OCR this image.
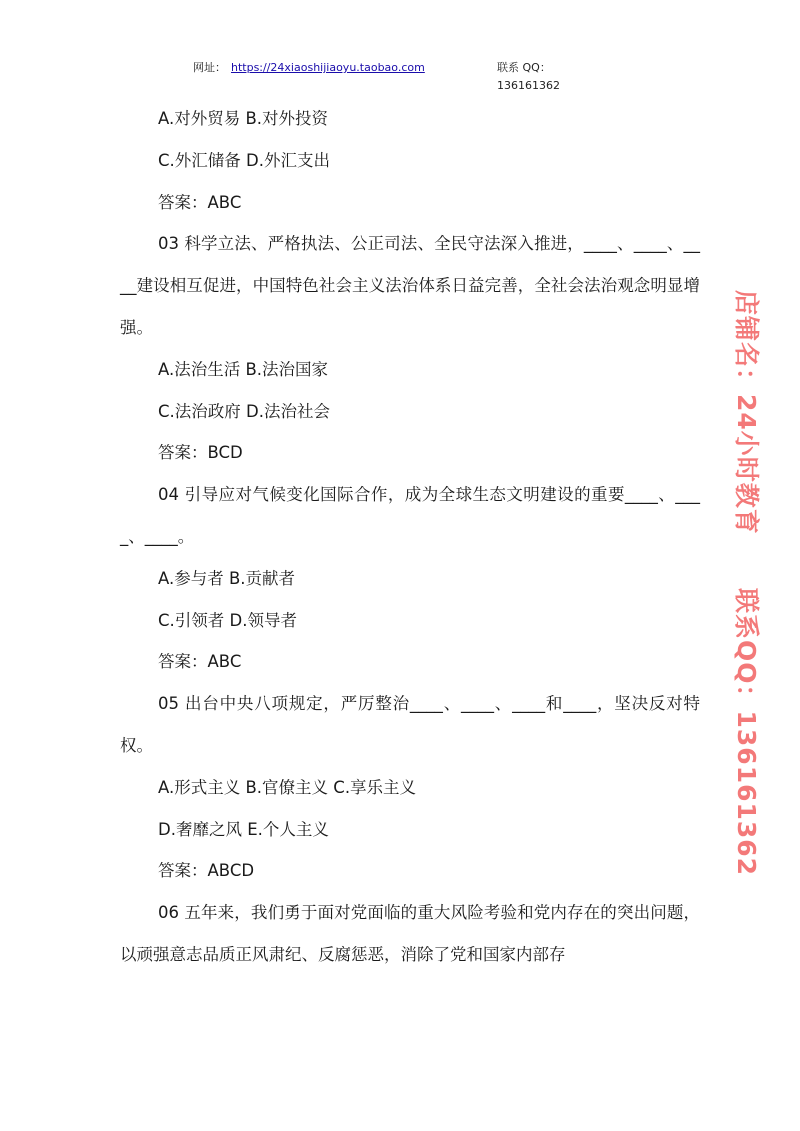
网址： https://24xiaoshijiaoyu.taobao.com	联系 QQ：136161362

A.对外贸易 B.对外投资

C.外汇储备 D.外汇支出

答案：ABC

03 科学立法、严格执法、公正司法、全民守法深入推进，____、____、____建设相互促进，中国特色社会主义法治体系日益完善，全社会法治观念明显增强。

A.法治生活 B.法治国家

C.法治政府 D.法治社会

答案：BCD

04 引导应对气候变化国际合作，成为全球生态文明建设的重要____、____、____。

A.参与者 B.贡献者

C.引领者 D.领导者

答案：ABC

05 出台中央八项规定，严厉整治____、____、____和____，坚决反对特权。

A.形式主义 B.官僚主义 C.享乐主义

D.奢靡之风 E.个人主义

答案：ABCD

06 五年来，我们勇于面对党面临的重大风险考验和党内存在的突出问题，以顽强意志品质正风肃纪、反腐惩恶，消除了党和国家内部存

店铺名：24小时教育
联系QQ：136161362
